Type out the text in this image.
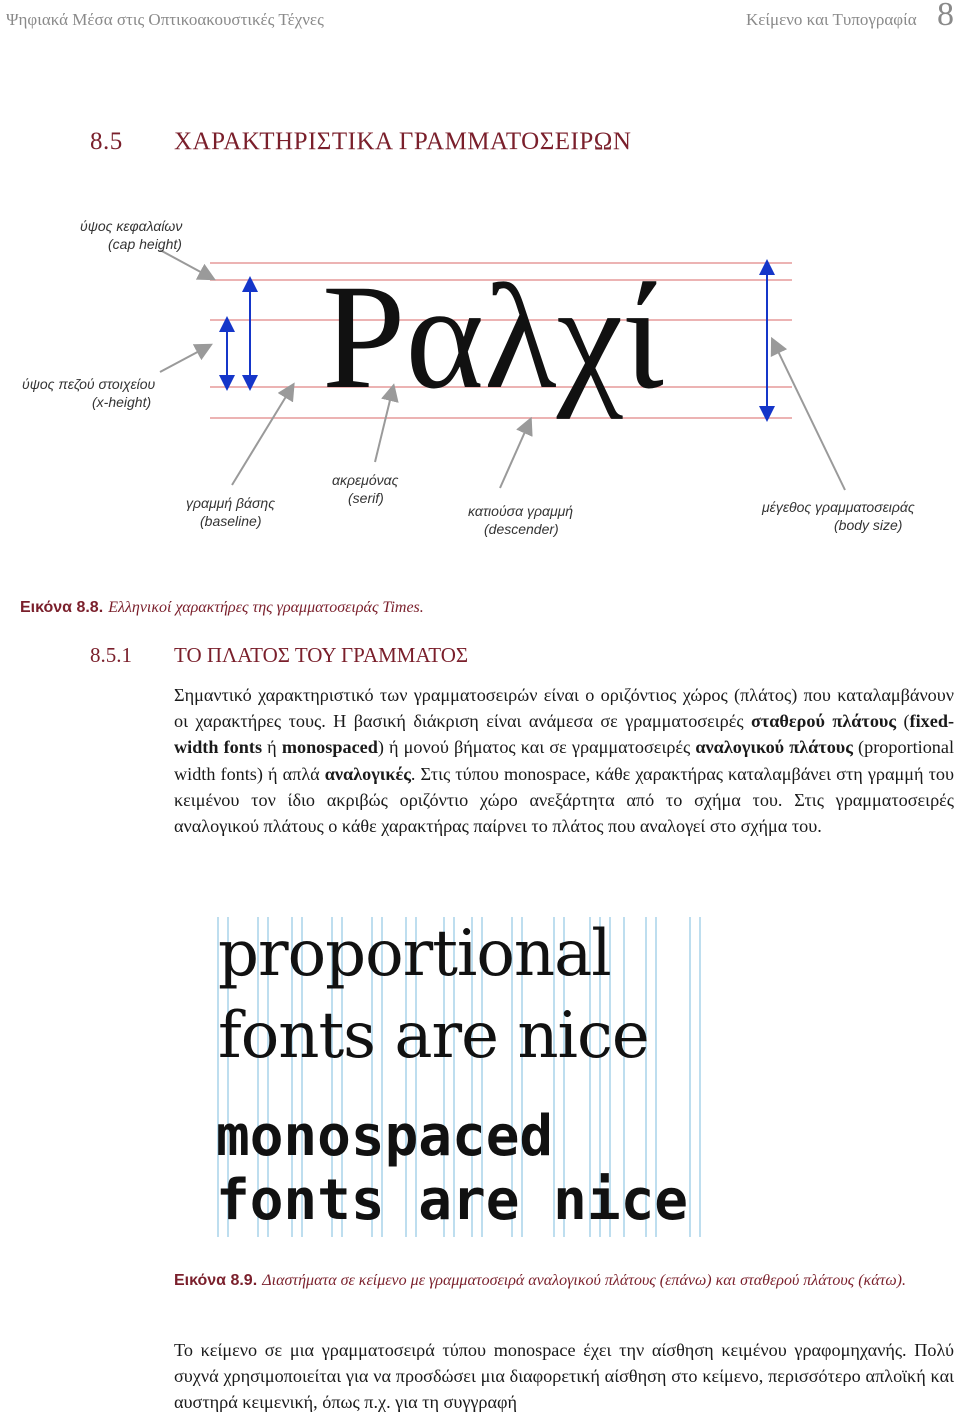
Ψηφιακά Μέσα στις Οπτικοακουστικές Τέχνες	Κείμενο και Τυπογραφία 8
8.5 ΧΑΡΑΚΤΗΡΙΣΤΙΚΑ ΓΡΑΜΜΑΤΟΣΕΙΡΩΝ
Ραλχί
ύψος κεφαλαίων
(cap height)
ύψος πεζού στοιχείου
(x-height)
ακρεμόνας
(serif)
γραμμή βάσης
(baseline)
κατιούσα γραμμή
(descender)
μέγεθος γραμματοσειράς
(body size)
Εικόνα 8.8. Ελληνικοί χαρακτήρες της γραμματοσειράς Times.
8.5.1 ΤΟ ΠΛΑΤΟΣ ΤΟΥ ΓΡΑΜΜΑΤΟΣ
Σημαντικό χαρακτηριστικό των γραμματοσειρών είναι ο οριζόντιος χώρος (πλάτος) που καταλαμβάνουν οι χαρακτήρες τους. Η βασική διάκριση είναι ανάμεσα σε γραμματοσειρές σταθερού πλάτους (fixed-width fonts ή monospaced) ή μονού βήματος και σε γραμματοσειρές αναλογικού πλάτους (proportional width fonts) ή απλά αναλογικές. Στις τύπου monospace, κάθε χαρακτήρας καταλαμβάνει στη γραμμή του κειμένου τον ίδιο ακριβώς οριζόντιο χώρο ανεξάρτητα από το σχήμα του. Στις γραμματοσειρές αναλογικού πλάτους ο κάθε χαρακτήρας παίρνει το πλάτος που αναλογεί στο σχήμα του.
proportional
fonts are nice
monospaced
fonts are nice
Εικόνα 8.9. Διαστήματα σε κείμενο με γραμματοσειρά αναλογικού πλάτους (επάνω) και σταθερού πλάτους (κάτω).
Το κείμενο σε μια γραμματοσειρά τύπου monospace έχει την αίσθηση κειμένου γραφομηχανής. Πολύ συχνά χρησιμοποιείται για να προσδώσει μια διαφορετική αίσθηση στο κείμενο, περισσότερο απλοϊκή και αυστηρά κειμενική, όπως π.χ. για τη συγγραφή
